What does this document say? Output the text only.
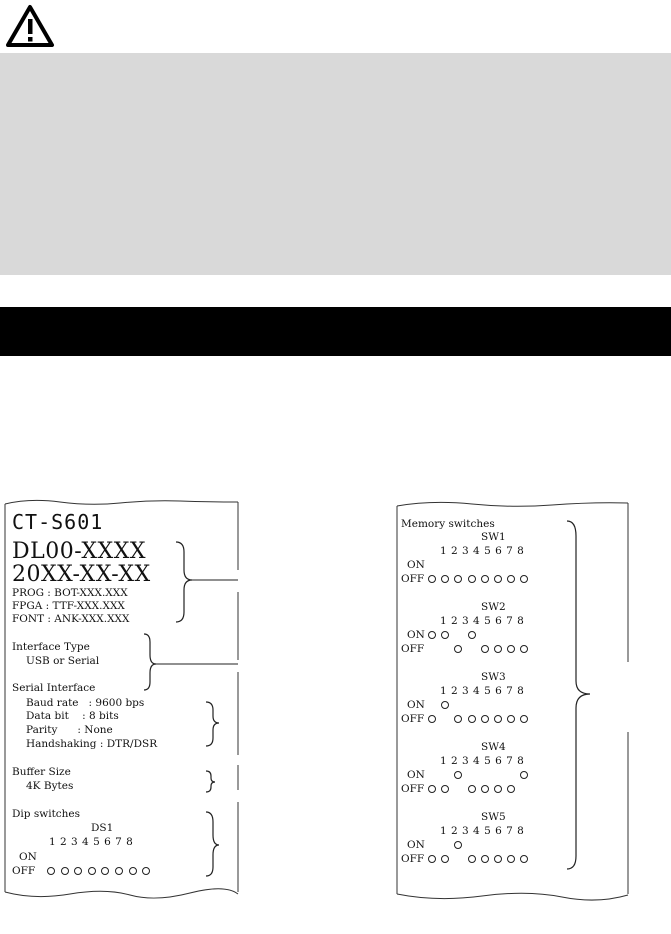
CT-S601
DL00-XXXX
20XX-XX-XX
PROG : BOT-XXX.XXX
FPGA : TTF-XXX.XXX
FONT : ANK-XXX.XXX
Interface Type
USB or Serial
Serial Interface
Baud rate   : 9600 bps
Data bit    : 8 bits
Parity      : None
Handshaking : DTR/DSR
Buffer Size
4K Bytes
Dip switches
DS1
1 2 3 4 5 6 7 8
ON
OFF
Memory switches
SW1
1 2 3 4 5 6 7 8
ON
OFF
SW2
1 2 3 4 5 6 7 8
ON
OFF
SW3
1 2 3 4 5 6 7 8
ON
OFF
SW4
1 2 3 4 5 6 7 8
ON
OFF
SW5
1 2 3 4 5 6 7 8
ON
OFF
